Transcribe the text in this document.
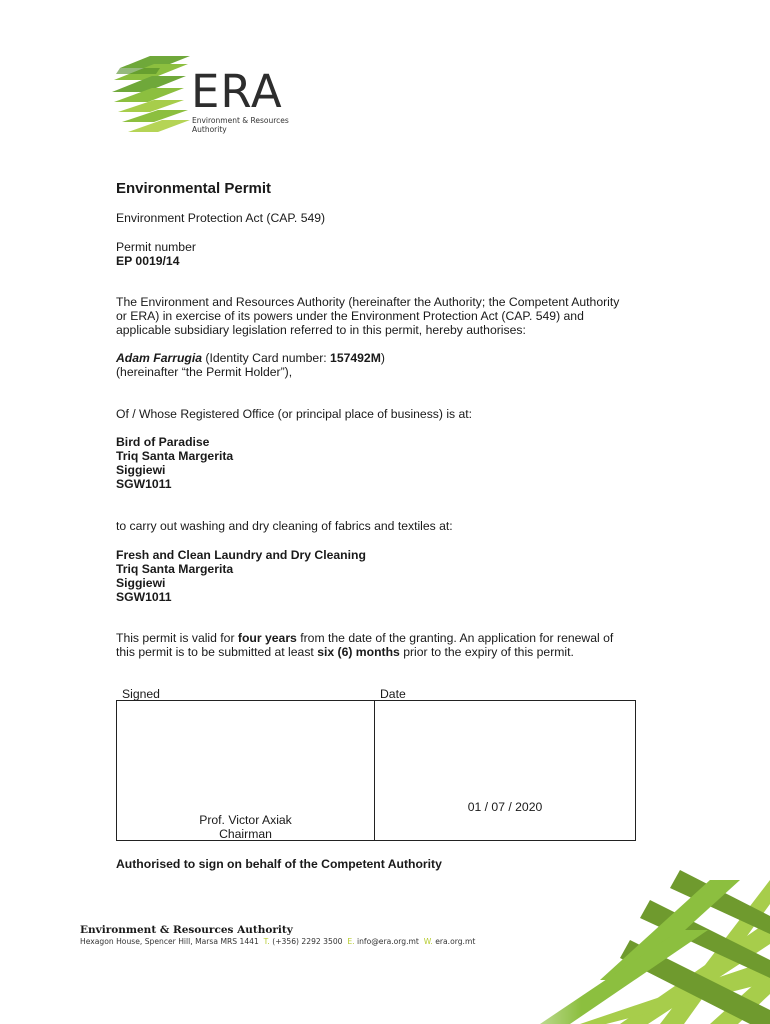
ERA
Environment & Resources
Authority
Environmental Permit
Environment Protection Act (CAP. 549)
Permit number
EP 0019/14
The Environment and Resources Authority (hereinafter the Authority; the Competent Authority
or ERA) in exercise of its powers under the Environment Protection Act (CAP. 549) and
applicable subsidiary legislation referred to in this permit, hereby authorises:
Adam Farrugia (Identity Card number: 157492M)
(hereinafter “the Permit Holder”),
Of / Whose Registered Office (or principal place of business) is at:
Bird of Paradise
Triq Santa Margerita
Siggiewi
SGW1011
to carry out washing and dry cleaning of fabrics and textiles at:
Fresh and Clean Laundry and Dry Cleaning
Triq Santa Margerita
Siggiewi
SGW1011
This permit is valid for four years from the date of the granting. An application for renewal of
this permit is to be submitted at least six (6) months prior to the expiry of this permit.
Signed	Date
Prof. Victor Axiak
Chairman
01 / 07 / 2020
Authorised to sign on behalf of the Competent Authority
Environment & Resources Authority
Hexagon House, Spencer Hill, Marsa MRS 1441 T. (+356) 2292 3500 E. info@era.org.mt W. era.org.mt
